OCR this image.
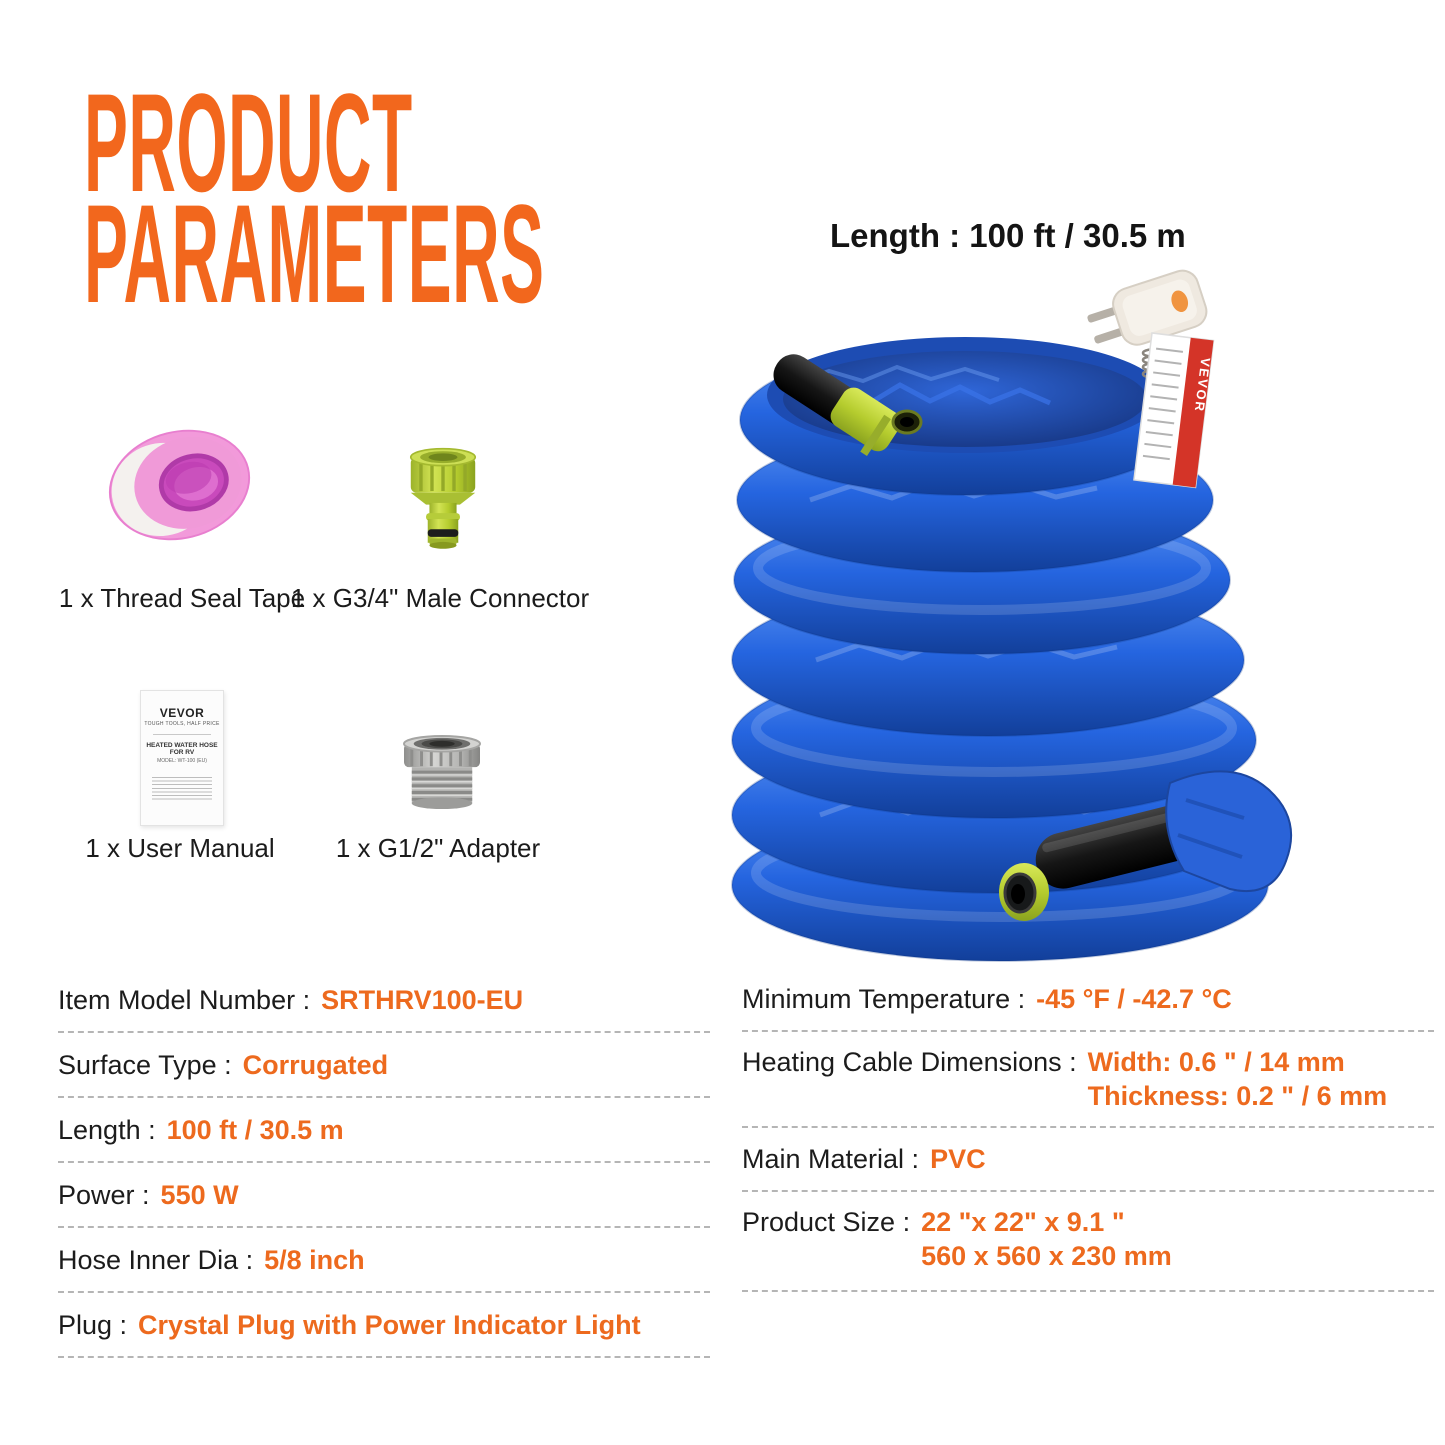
PRODUCT
PARAMETERS	Length : 100 ft / 30.5 m
VEVOR
VEVOR
TOUGH TOOLS, HALF PRICE
HEATED WATER HOSE FOR RV
MODEL: WT-100 (EU)
1 x Thread Seal Tape
1 x G3/4" Male Connector
1 x User Manual 1 x G1/2" Adapter
Item Model Number : SRTHRV100-EU
Surface Type : Corrugated
Length : 100 ft / 30.5 m
Power : 550 W
Hose Inner Dia : 5/8 inch
Plug : Crystal Plug with Power Indicator Light
Minimum Temperature : -45 °F / -42.7 °C
Heating Cable Dimensions : Width: 0.6 " / 14 mm
Thickness: 0.2 " / 6 mm
Main Material : PVC
Product Size : 22 "x 22" x 9.1 "
560 x 560 x 230 mm
